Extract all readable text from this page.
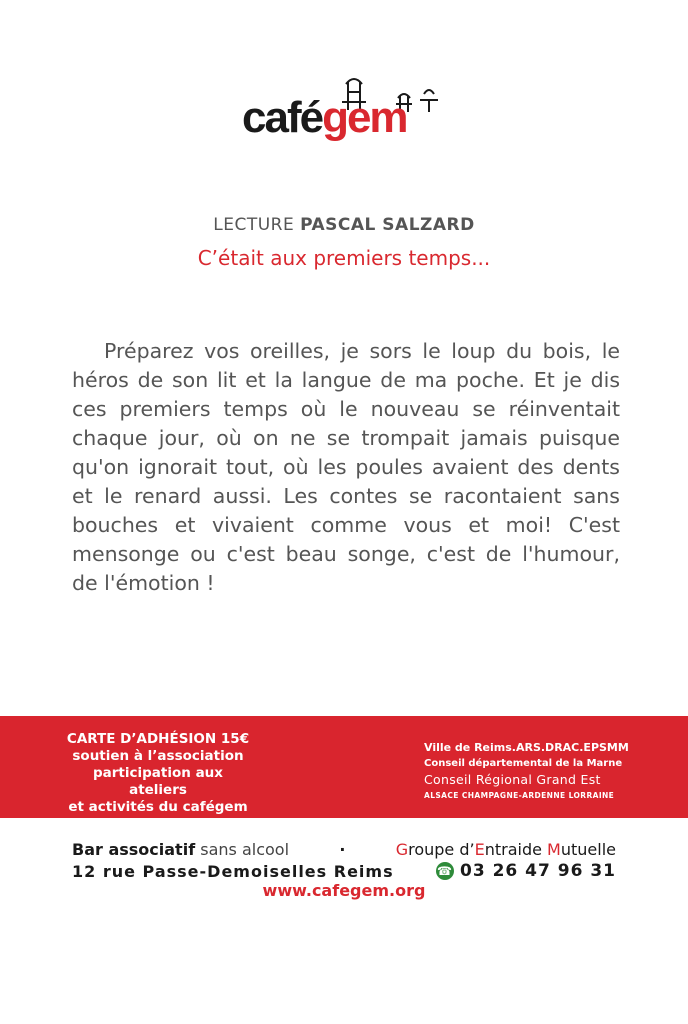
cafégem
LECTURE PASCAL SALZARD
C’était aux premiers temps...

Préparez vos oreilles, je sors le loup du bois, le héros de son lit et la langue de ma poche. Et je dis ces premiers temps où le nouveau se réinventait chaque jour, où on ne se trompait jamais puisque qu'on ignorait tout, où les poules avaient des dents et le renard aussi. Les contes se racontaient sans bouches et vivaient comme vous et moi! C'est mensonge ou c'est beau songe, c'est de l'humour, de l'émotion !

CARTE D’ADHÉSION 15€
soutien à l’association
participation aux ateliers
et activités du cafégem
Ville de Reims.ARS.DRAC.EPSMM
Conseil départemental de la Marne
Conseil Régional Grand Est
ALSACE CHAMPAGNE-ARDENNE LORRAINE
Bar associatif sans alcool	·	Groupe d’Entraide Mutuelle
12 rue Passe-Demoiselles Reims	☎ 03 26 47 96 31
www.cafegem.org
